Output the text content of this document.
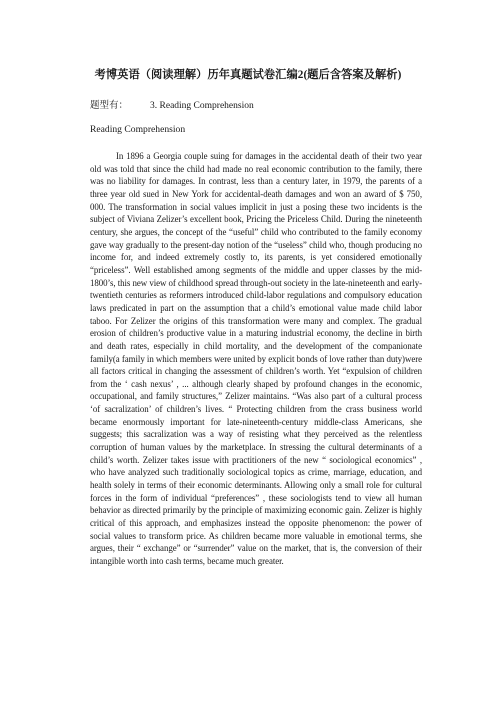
考博英语（阅读理解）历年真题试卷汇编2(题后含答案及解析)
题型有： 3. Reading Comprehension
Reading Comprehension

In 1896 a Georgia couple suing for damages in the accidental death of their two year old was told that since the child had made no real economic contribution to the family, there was no liability for damages. In contrast, less than a century later, in 1979, the parents of a three year old sued in New York for accidental-death damages and won an award of $ 750, 000. The transformation in social values implicit in just a posing these two incidents is the subject of Viviana Zelizer’s excellent book, Pricing the Priceless Child. During the nineteenth century, she argues, the concept of the “useful” child who contributed to the family economy gave way gradually to the present-day notion of the “useless” child who, though producing no income for, and indeed extremely costly to, its parents, is yet considered emotionally “priceless”. Well established among segments of the middle and upper classes by the mid-1800’s, this new view of childhood spread through-out society in the late-nineteenth and early-twentieth centuries as reformers introduced child-labor regulations and compulsory education laws predicated in part on the assumption that a child’s emotional value made child labor taboo. For Zelizer the origins of this transformation were many and complex. The gradual erosion of children’s productive value in a maturing industrial economy, the decline in birth and death rates, especially in child mortality, and the development of the companionate family(a family in which members were united by explicit bonds of love rather than duty)were all factors critical in changing the assessment of children’s worth. Yet “expulsion of children from the ‘ cash nexus’ , ... although clearly shaped by profound changes in the economic, occupational, and family structures,” Zelizer maintains. “Was also part of a cultural process ‘of sacralization’ of children’s lives. “ Protecting children from the crass business world became enormously important for late-nineteenth-century middle-class Americans, she suggests; this sacralization was a way of resisting what they perceived as the relentless corruption of human values by the marketplace. In stressing the cultural determinants of a child’s worth. Zelizer takes issue with practitioners of the new “ sociological economics” , who have analyzed such traditionally sociological topics as crime, marriage, education, and health solely in terms of their economic determinants. Allowing only a small role for cultural forces in the form of individual “preferences” , these sociologists tend to view all human behavior as directed primarily by the principle of maximizing economic gain. Zelizer is highly critical of this approach, and emphasizes instead the opposite phenomenon: the power of social values to transform price. As children became more valuable in emotional terms, she argues, their “ exchange” or “surrender” value on the market, that is, the conversion of their intangible worth into cash terms, became much greater.
